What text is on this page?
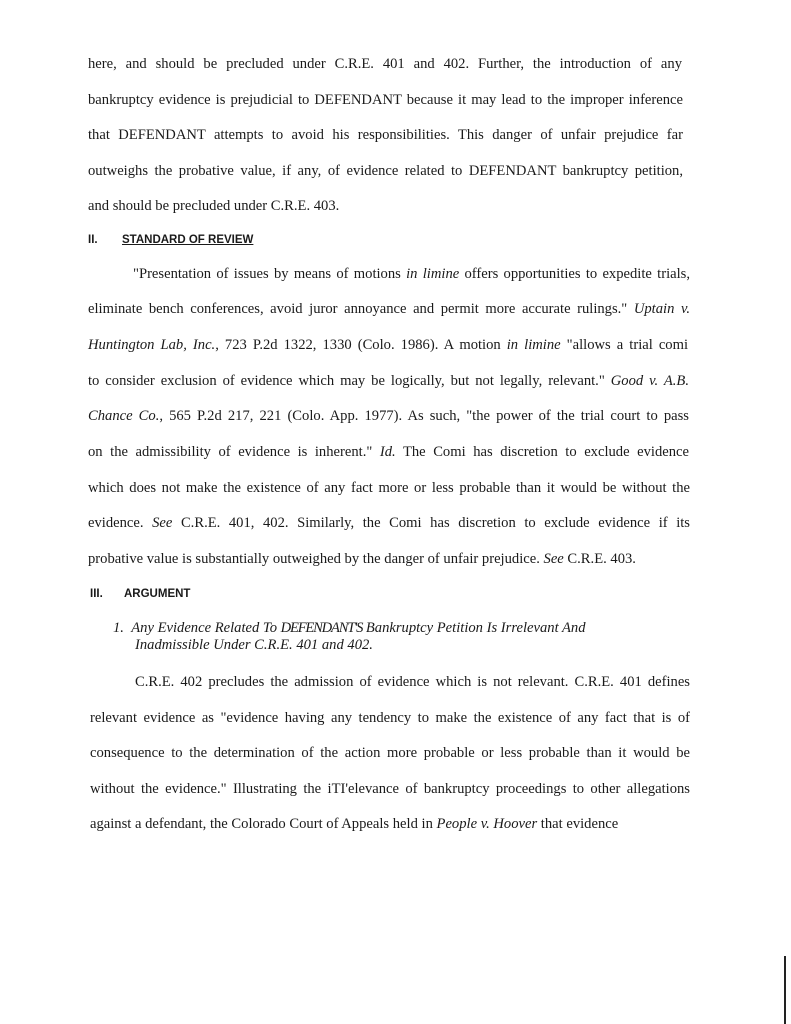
here, and should be precluded under C.R.E. 401 and 402. Further, the introduction of any
bankruptcy evidence is prejudicial to DEFENDANT because it may lead to the improper inference
that DEFENDANT attempts to avoid his responsibilities. This danger of unfair prejudice far
outweighs the probative value, if any, of evidence related to DEFENDANT bankruptcy petition,
and should be precluded under C.R.E. 403.
II. STANDARD OF REVIEW
"Presentation of issues by means of motions in limine offers opportunities to expedite trials,
eliminate bench conferences, avoid juror annoyance and permit more accurate rulings." Uptain v.
Huntington Lab, Inc., 723 P.2d 1322, 1330 (Colo. 1986). A motion in limine "allows a trial comi
to consider exclusion of evidence which may be logically, but not legally, relevant." Good v. A.B.
Chance Co., 565 P.2d 217, 221 (Colo. App. 1977). As such, "the power of the trial court to pass
on the admissibility of evidence is inherent." Id. The Comi has discretion to exclude evidence
which does not make the existence of any fact more or less probable than it would be without the
evidence. See C.R.E. 401, 402. Similarly, the Comi has discretion to exclude evidence if its
probative value is substantially outweighed by the danger of unfair prejudice. See C.R.E. 403.
III. ARGUMENT
1. Any Evidence Related To DEFENDANT'S Bankruptcy Petition Is Irrelevant And
Inadmissible Under C.R.E. 401 and 402.
C.R.E. 402 precludes the admission of evidence which is not relevant. C.R.E. 401 defines
relevant evidence as "evidence having any tendency to make the existence of any fact that is of
consequence to the determination of the action more probable or less probable than it would be
without the evidence." Illustrating the iTI'elevance of bankruptcy proceedings to other allegations
against a defendant, the Colorado Court of Appeals held in People v. Hoover that evidence
